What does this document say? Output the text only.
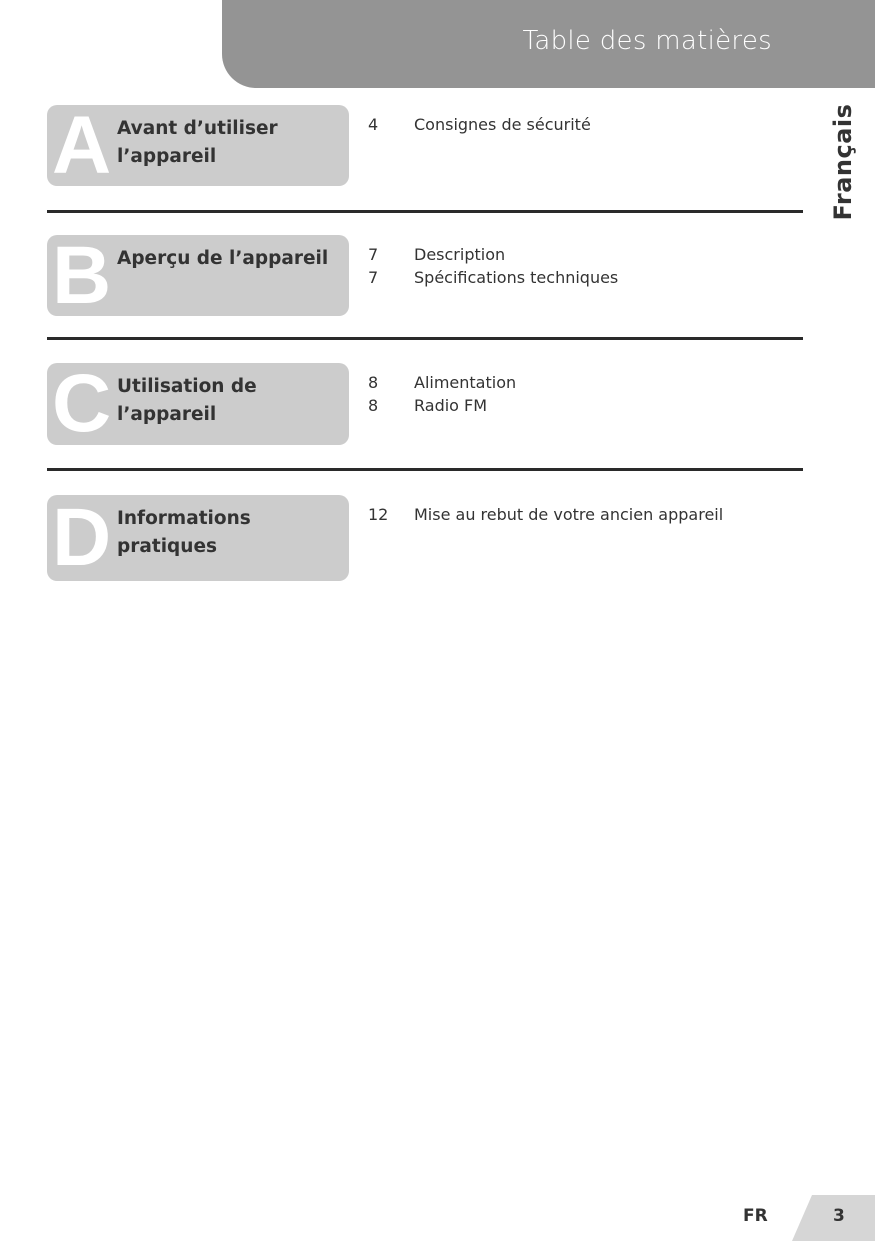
Table des matières
Français
A Avant d’utiliser l’appareil
4	Consignes de sécurité
B Aperçu de l’appareil	7	Description
7	Spécifications techniques
C Utilisation de l’appareil
8	Alimentation
8	Radio FM
D Informations pratiques
12	Mise au rebut de votre ancien appareil
FR	3
